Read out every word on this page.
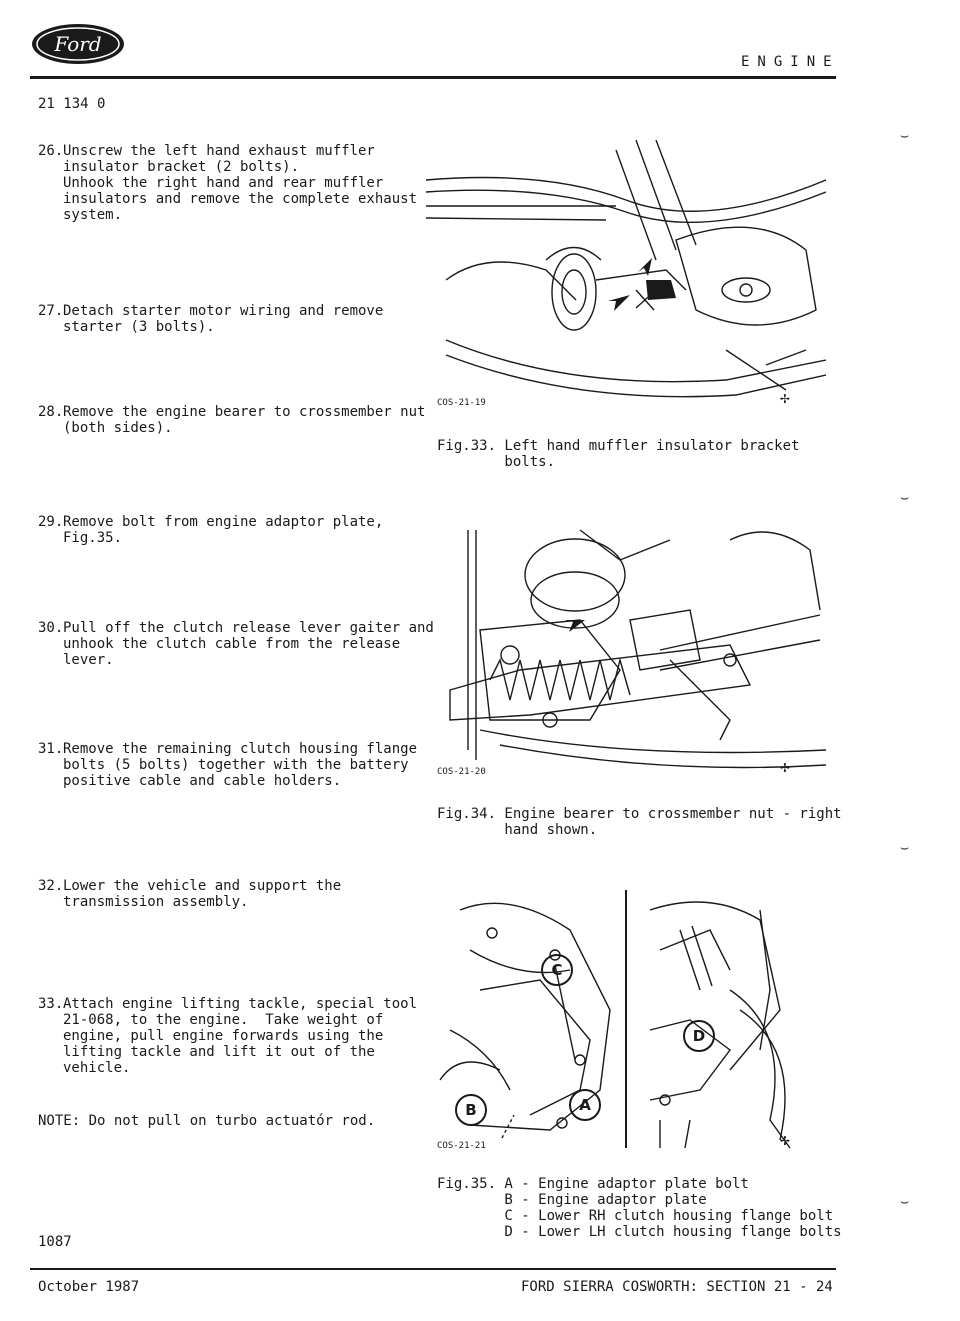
Ford
ENGINE
21 134 0

26.

Unscrew the left hand exhaust muffler
insulator bracket (2 bolts).
Unhook the right hand and rear muffler
insulators and remove the complete exhaust
system.

27.

Detach starter motor wiring and remove
starter (3 bolts).

28.

Remove the engine bearer to crossmember nut
(both sides).

29.

Remove bolt from engine adaptor plate,
Fig.35.

30.

Pull off the clutch release lever gaiter and
unhook the clutch cable from the release
lever.

31.

Remove the remaining clutch housing flange
bolts (5 bolts) together with the battery
positive cable and cable holders.

32.

Lower the vehicle and support the
transmission assembly.

33.

Attach engine lifting tackle, special tool
21-068, to the engine.  Take weight of
engine, pull engine forwards using the
lifting tackle and lift it out of the
vehicle.

NOTE: Do not pull on turbo actuatór rod.
COS-21-19	✢
Fig.33. Left hand muffler insulator bracket
bolts.
COS-21-20	✢
Fig.34. Engine bearer to crossmember nut - right
hand shown.
C
A
B
D
COS-21-21	✢
Fig.35. A - Engine adaptor plate bolt
B - Engine adaptor plate
C - Lower RH clutch housing flange bolt
D - Lower LH clutch housing flange bolts
⌣
⌣
⌣
⌣
1087
October 1987	FORD SIERRA COSWORTH: SECTION 21 - 24
